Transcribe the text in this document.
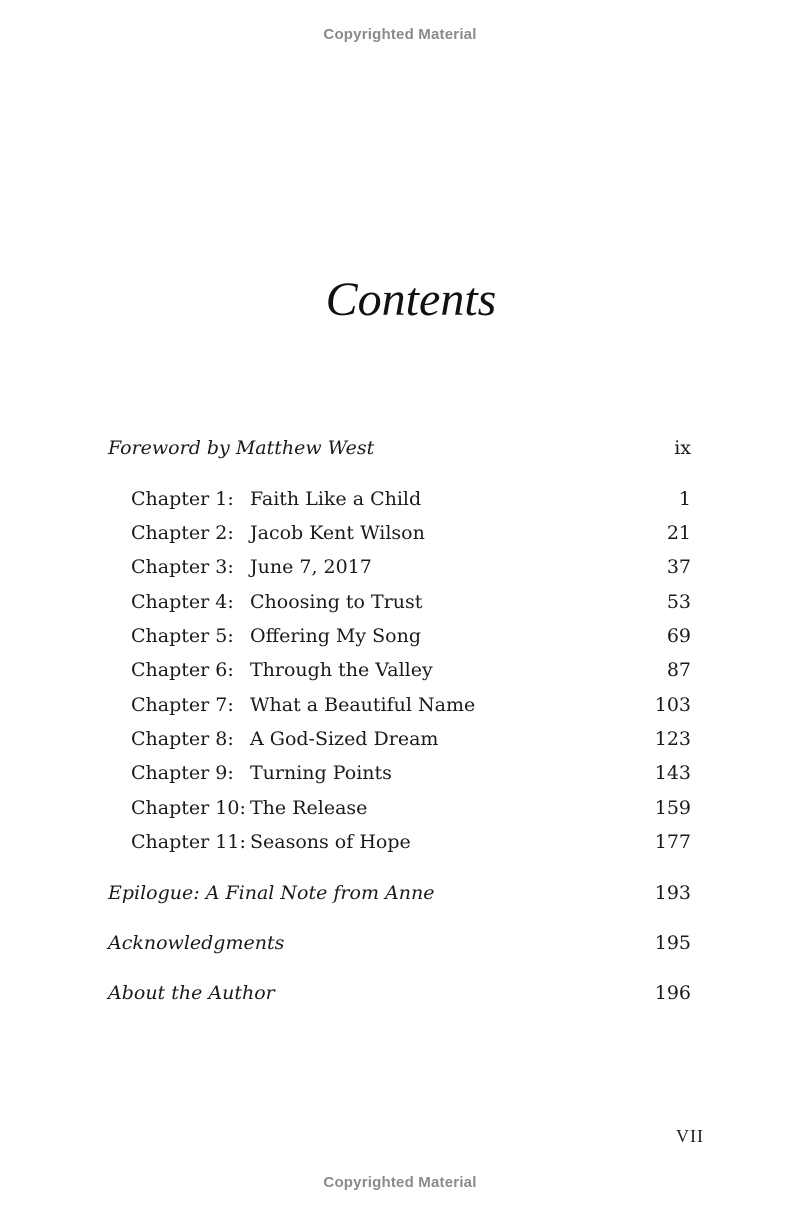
Copyrighted Material
Contents
Foreword by Matthew West	ix
Chapter 1: Faith Like a Child	1
Chapter 2: Jacob Kent Wilson	21
Chapter 3: June 7, 2017	37
Chapter 4: Choosing to Trust	53
Chapter 5: Offering My Song	69
Chapter 6: Through the Valley	87
Chapter 7: What a Beautiful Name	103
Chapter 8: A God-Sized Dream	123
Chapter 9: Turning Points	143
Chapter 10: The Release	159
Chapter 11: Seasons of Hope	177
Epilogue: A Final Note from Anne	193
Acknowledgments	195
About the Author	196
VII
Copyrighted Material
